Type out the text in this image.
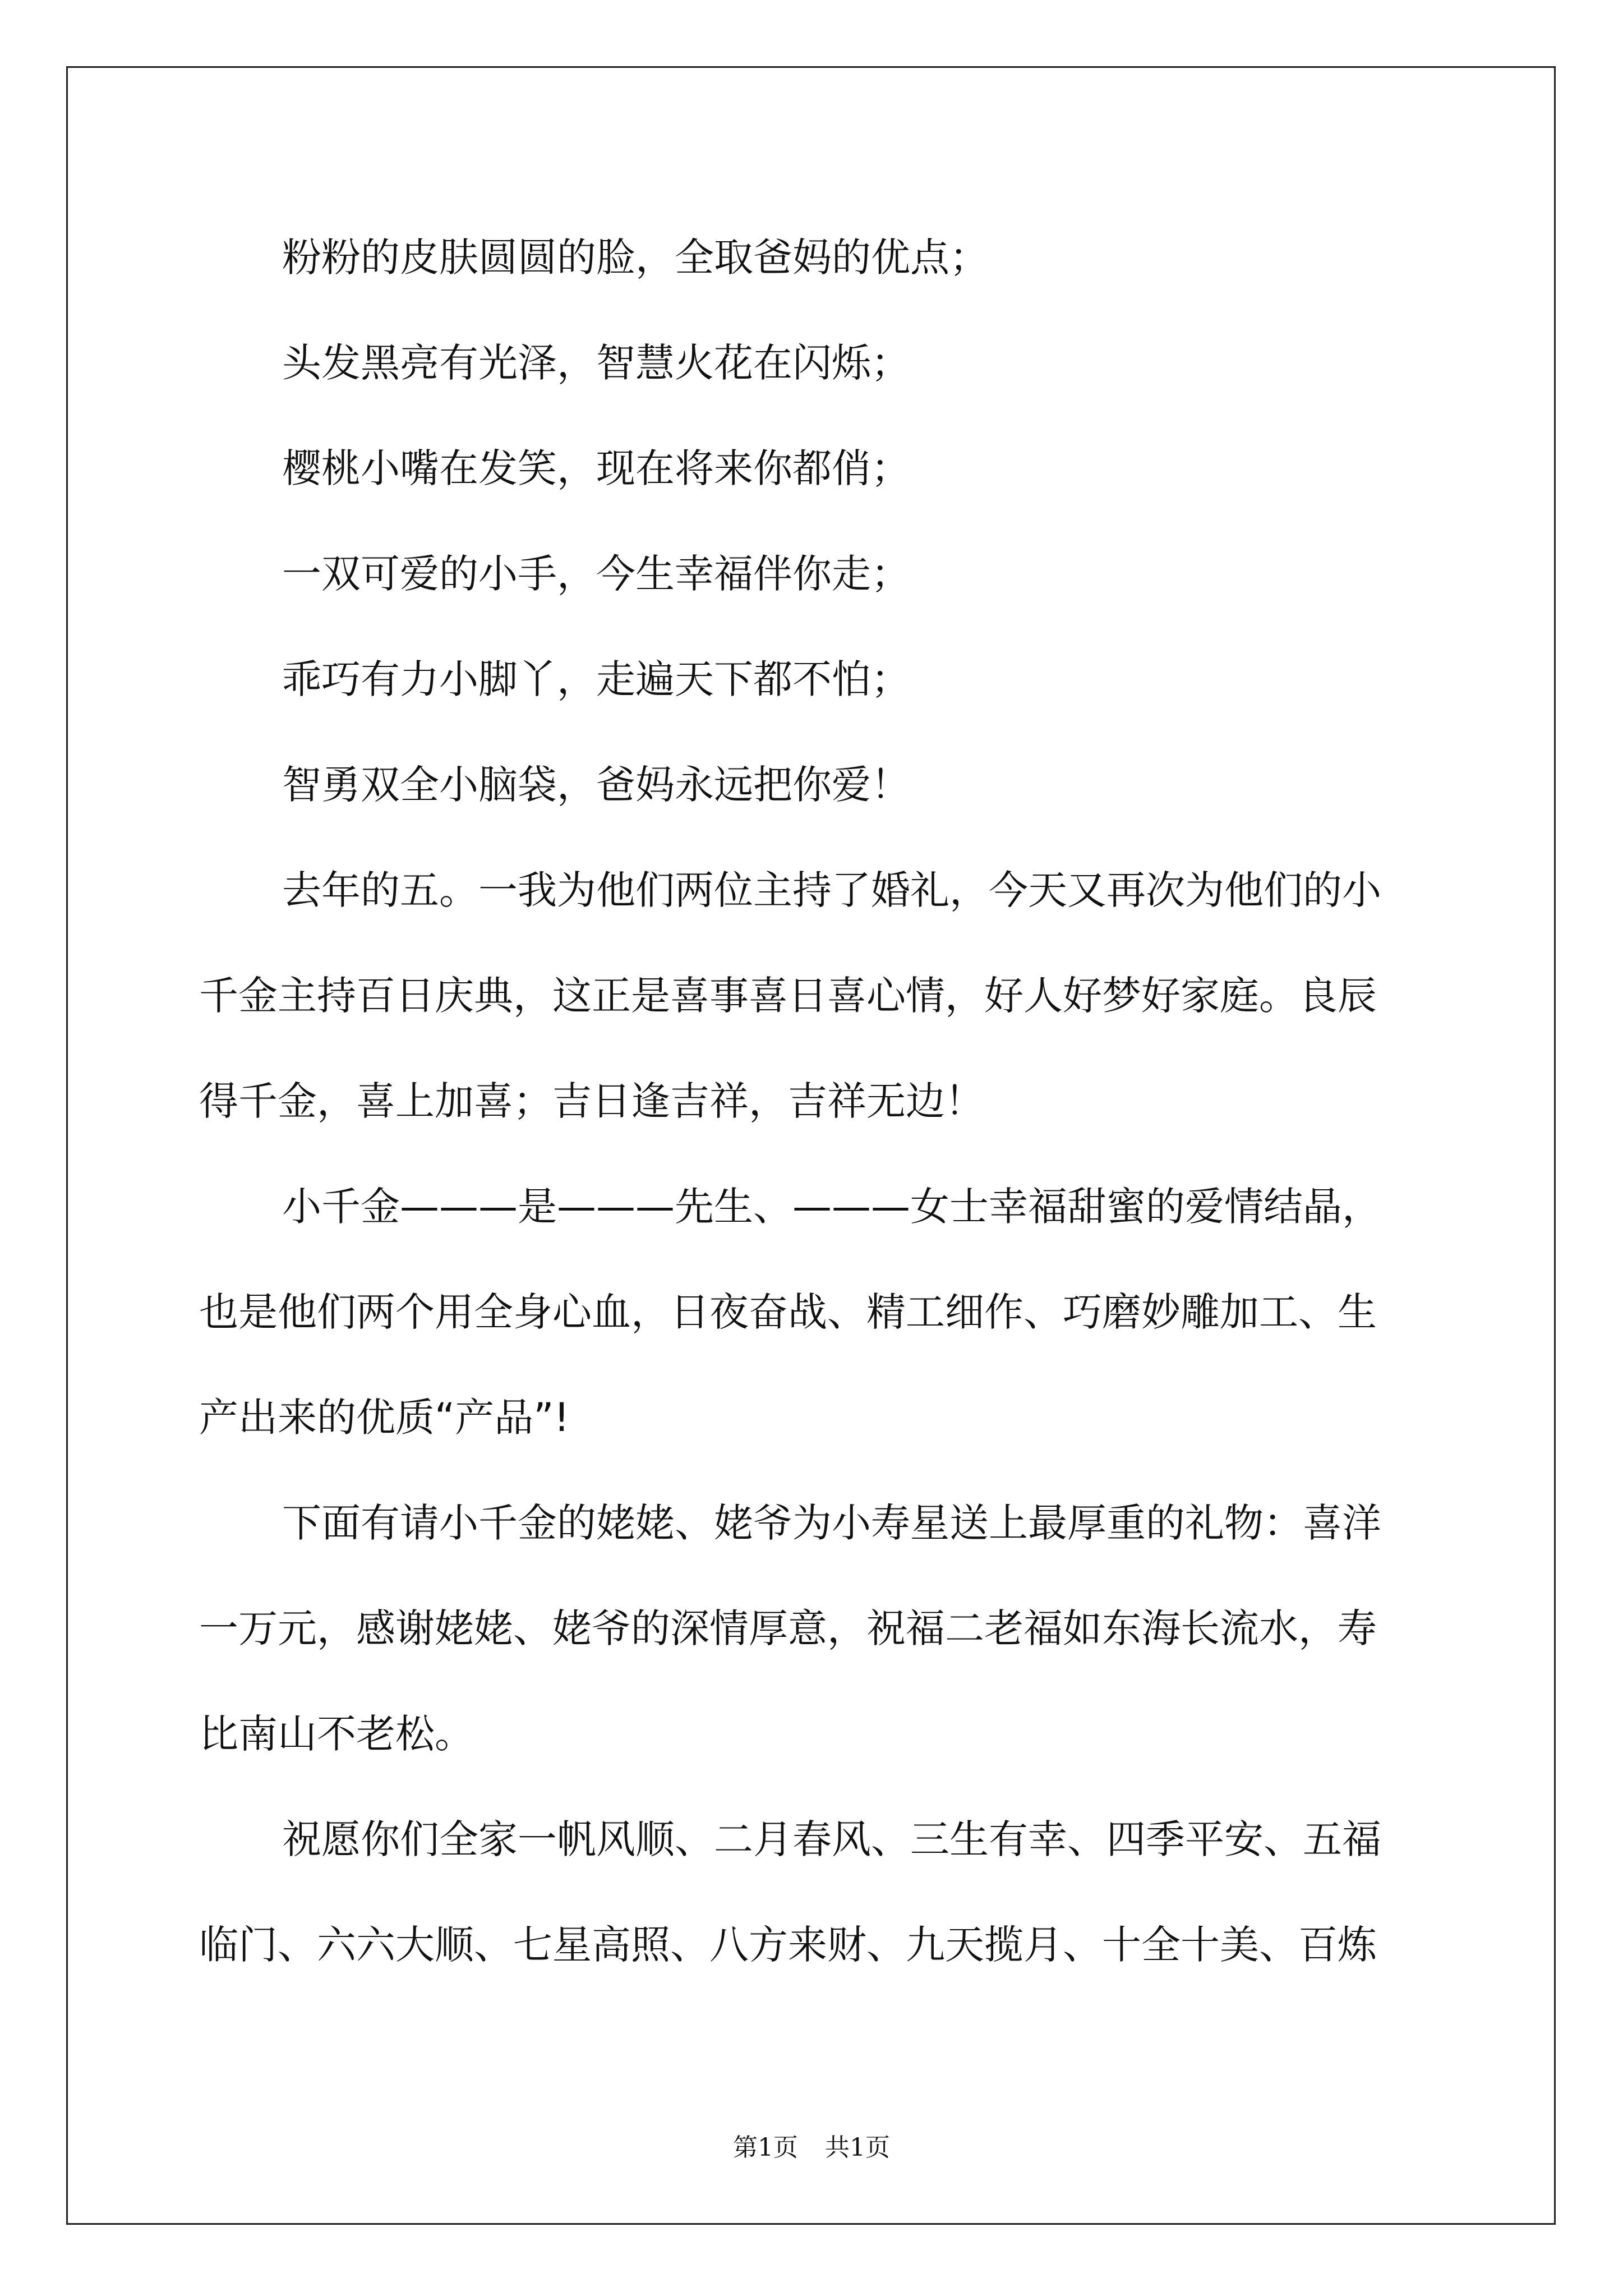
粉粉的皮肤圆圆的脸，全取爸妈的优点；
头发黑亮有光泽，智慧火花在闪烁；
樱桃小嘴在发笑，现在将来你都俏；
一双可爱的小手，今生幸福伴你走；
乖巧有力小脚丫，走遍天下都不怕；
智勇双全小脑袋，爸妈永远把你爱！
去年的五。一我为他们两位主持了婚礼，今天又再次为他们的小
千金主持百日庆典，这正是喜事喜日喜心情，好人好梦好家庭。良辰
得千金，喜上加喜；吉日逢吉祥，吉祥无边！
小千金———是———先生、———女士幸福甜蜜的爱情结晶，
也是他们两个用全身心血，日夜奋战、精工细作、巧磨妙雕加工、生
产出来的优质“产品”!
下面有请小千金的姥姥、姥爷为小寿星送上最厚重的礼物：喜洋
一万元，感谢姥姥、姥爷的深情厚意，祝福二老福如东海长流水，寿
比南山不老松。
祝愿你们全家一帆风顺、二月春风、三生有幸、四季平安、五福
临门、六六大顺、七星高照、八方来财、九天揽月、十全十美、百炼
第1页 共1页
